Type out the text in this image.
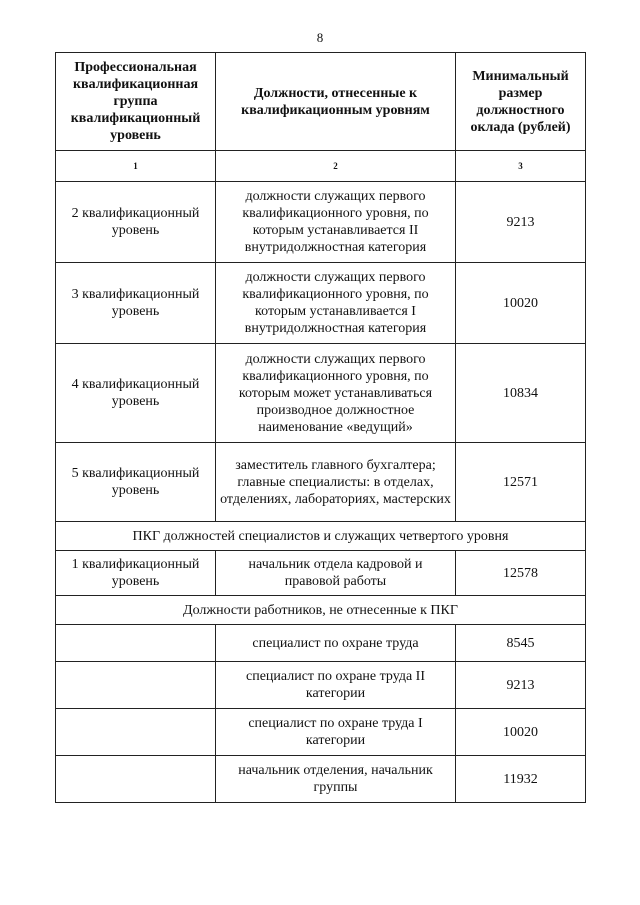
8
Профессиональная квалификационная группа квалификационный уровень	Должности, отнесенные к квалификационным уровням	Минимальный размер должностного оклада (рублей)
1	2	3
2 квалификационный уровень	должности служащих первого квалификационного уровня, по которым устанавливается II внутридолжностная категория	9213
3 квалификационный уровень	должности служащих первого квалификационного уровня, по которым устанавливается I внутридолжностная категория	10020
4 квалификационный уровень	должности служащих первого квалификационного уровня, по которым может устанавливаться производное должностное наименование «ведущий»	10834
5 квалификационный уровень	заместитель главного бухгалтера; главные специалисты: в отделах, отделениях, лабораториях, мастерских	12571
ПКГ должностей специалистов и служащих четвертого уровня		
1 квалификационный уровень	начальник отдела кадровой и правовой работы	12578
Должности работников, не отнесенные к ПКГ		
	специалист по охране труда	8545
	специалист по охране труда II категории	9213
	специалист по охране труда I категории	10020
	начальник отделения, начальник группы	11932
